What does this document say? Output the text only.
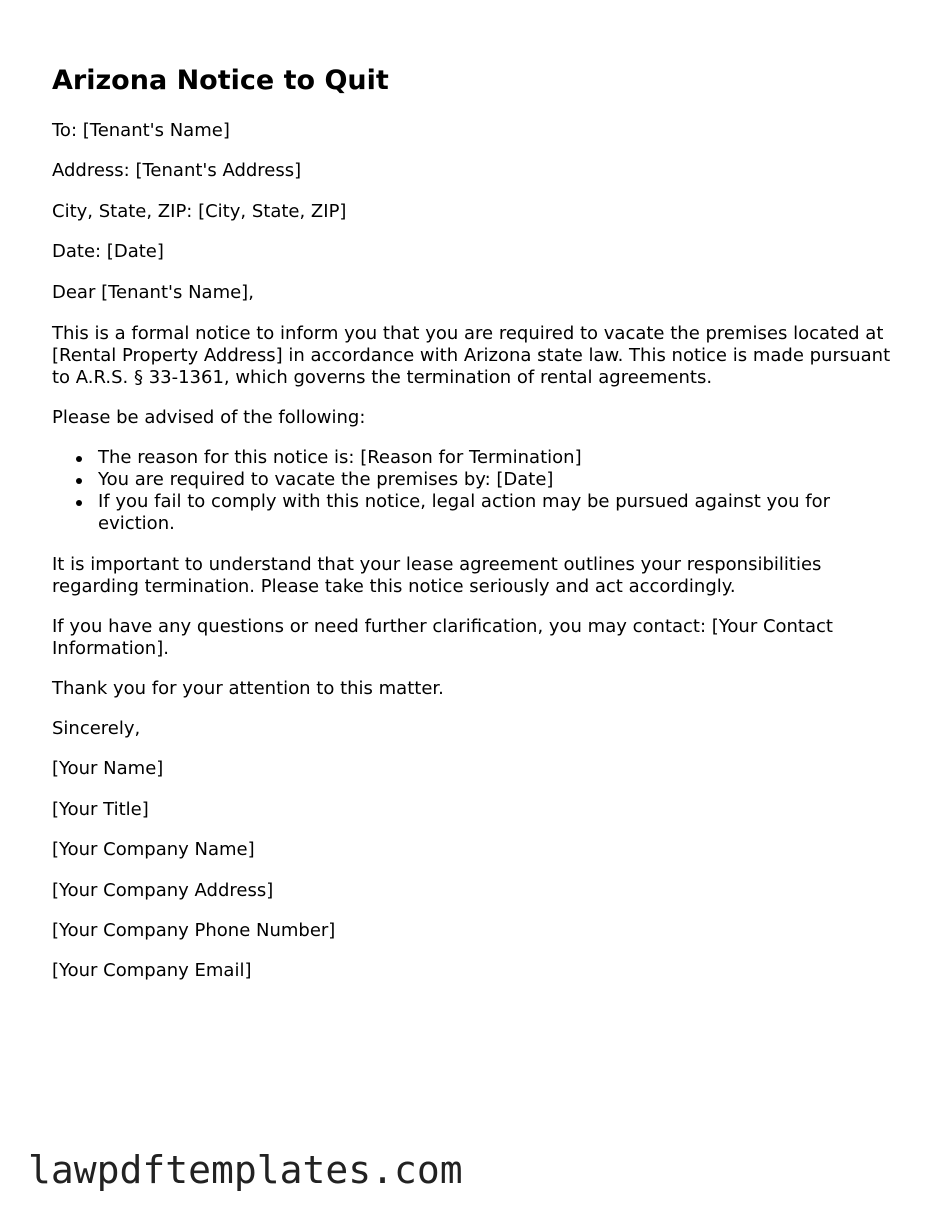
Arizona Notice to Quit

To: [Tenant's Name]

Address: [Tenant's Address]

City, State, ZIP: [City, State, ZIP]

Date: [Date]

Dear [Tenant's Name],

This is a formal notice to inform you that you are required to vacate the premises located at [Rental Property Address] in accordance with Arizona state law. This notice is made pursuant to A.R.S. § 33-1361, which governs the termination of rental agreements.

Please be advised of the following:

The reason for this notice is: [Reason for Termination]
You are required to vacate the premises by: [Date]
If you fail to comply with this notice, legal action may be pursued against you for eviction.

It is important to understand that your lease agreement outlines your responsibilities regarding termination. Please take this notice seriously and act accordingly.

If you have any questions or need further clarification, you may contact: [Your Contact Information].

Thank you for your attention to this matter.

Sincerely,

[Your Name]

[Your Title]

[Your Company Name]

[Your Company Address]

[Your Company Phone Number]

[Your Company Email]

lawpdftemplates.com
